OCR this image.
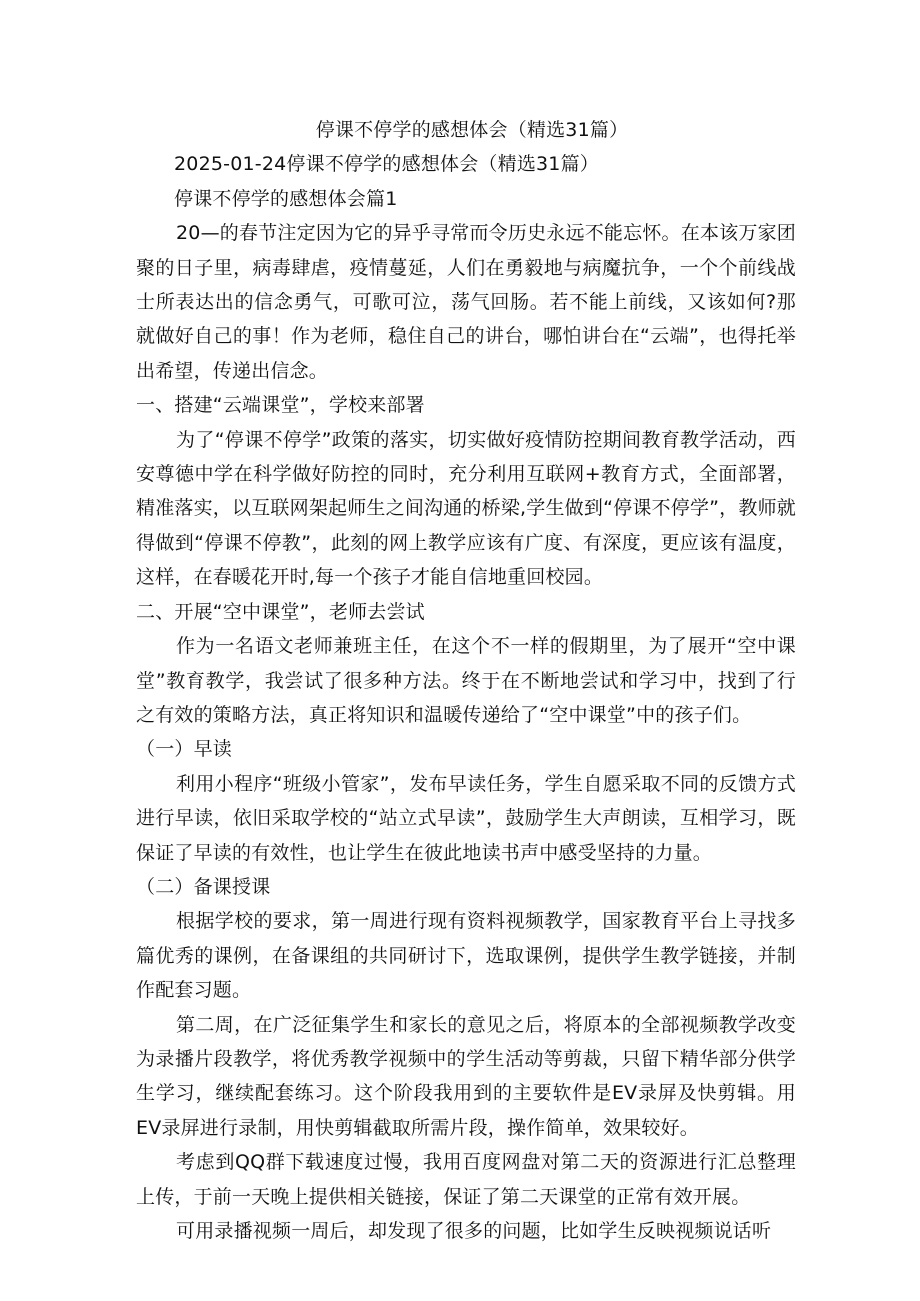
停课不停学的感想体会（精选31篇）

2025-01-24停课不停学的感想体会（精选31篇）

停课不停学的感想体会篇1

20—的春节注定因为它的异乎寻常而令历史永远不能忘怀。在本该万家团聚的日子里，病毒肆虐，疫情蔓延，人们在勇毅地与病魔抗争，一个个前线战士所表达出的信念勇气，可歌可泣，荡气回肠。若不能上前线，又该如何?那就做好自己的事！作为老师，稳住自己的讲台，哪怕讲台在“云端”，也得托举出希望，传递出信念。

一、搭建“云端课堂”，学校来部署

为了“停课不停学”政策的落实，切实做好疫情防控期间教育教学活动，西安尊德中学在科学做好防控的同时，充分利用互联网+教育方式，全面部署，精准落实，以互联网架起师生之间沟通的桥梁,学生做到“停课不停学”，教师就得做到“停课不停教”，此刻的网上教学应该有广度、有深度，更应该有温度，这样，在春暖花开时,每一个孩子才能自信地重回校园。

二、开展“空中课堂”，老师去尝试

作为一名语文老师兼班主任，在这个不一样的假期里，为了展开“空中课堂”教育教学，我尝试了很多种方法。终于在不断地尝试和学习中，找到了行之有效的策略方法，真正将知识和温暖传递给了“空中课堂”中的孩子们。

（一）早读

利用小程序“班级小管家”，发布早读任务，学生自愿采取不同的反馈方式进行早读，依旧采取学校的“站立式早读”，鼓励学生大声朗读，互相学习，既保证了早读的有效性，也让学生在彼此地读书声中感受坚持的力量。

（二）备课授课

根据学校的要求，第一周进行现有资料视频教学，国家教育平台上寻找多篇优秀的课例，在备课组的共同研讨下，选取课例，提供学生教学链接，并制作配套习题。

第二周，在广泛征集学生和家长的意见之后，将原本的全部视频教学改变为录播片段教学，将优秀教学视频中的学生活动等剪裁，只留下精华部分供学生学习，继续配套练习。这个阶段我用到的主要软件是EV录屏及快剪辑。用EV录屏进行录制，用快剪辑截取所需片段，操作简单，效果较好。

考虑到QQ群下载速度过慢，我用百度网盘对第二天的资源进行汇总整理上传，于前一天晚上提供相关链接，保证了第二天课堂的正常有效开展。

可用录播视频一周后，却发现了很多的问题，比如学生反映视频说话听
